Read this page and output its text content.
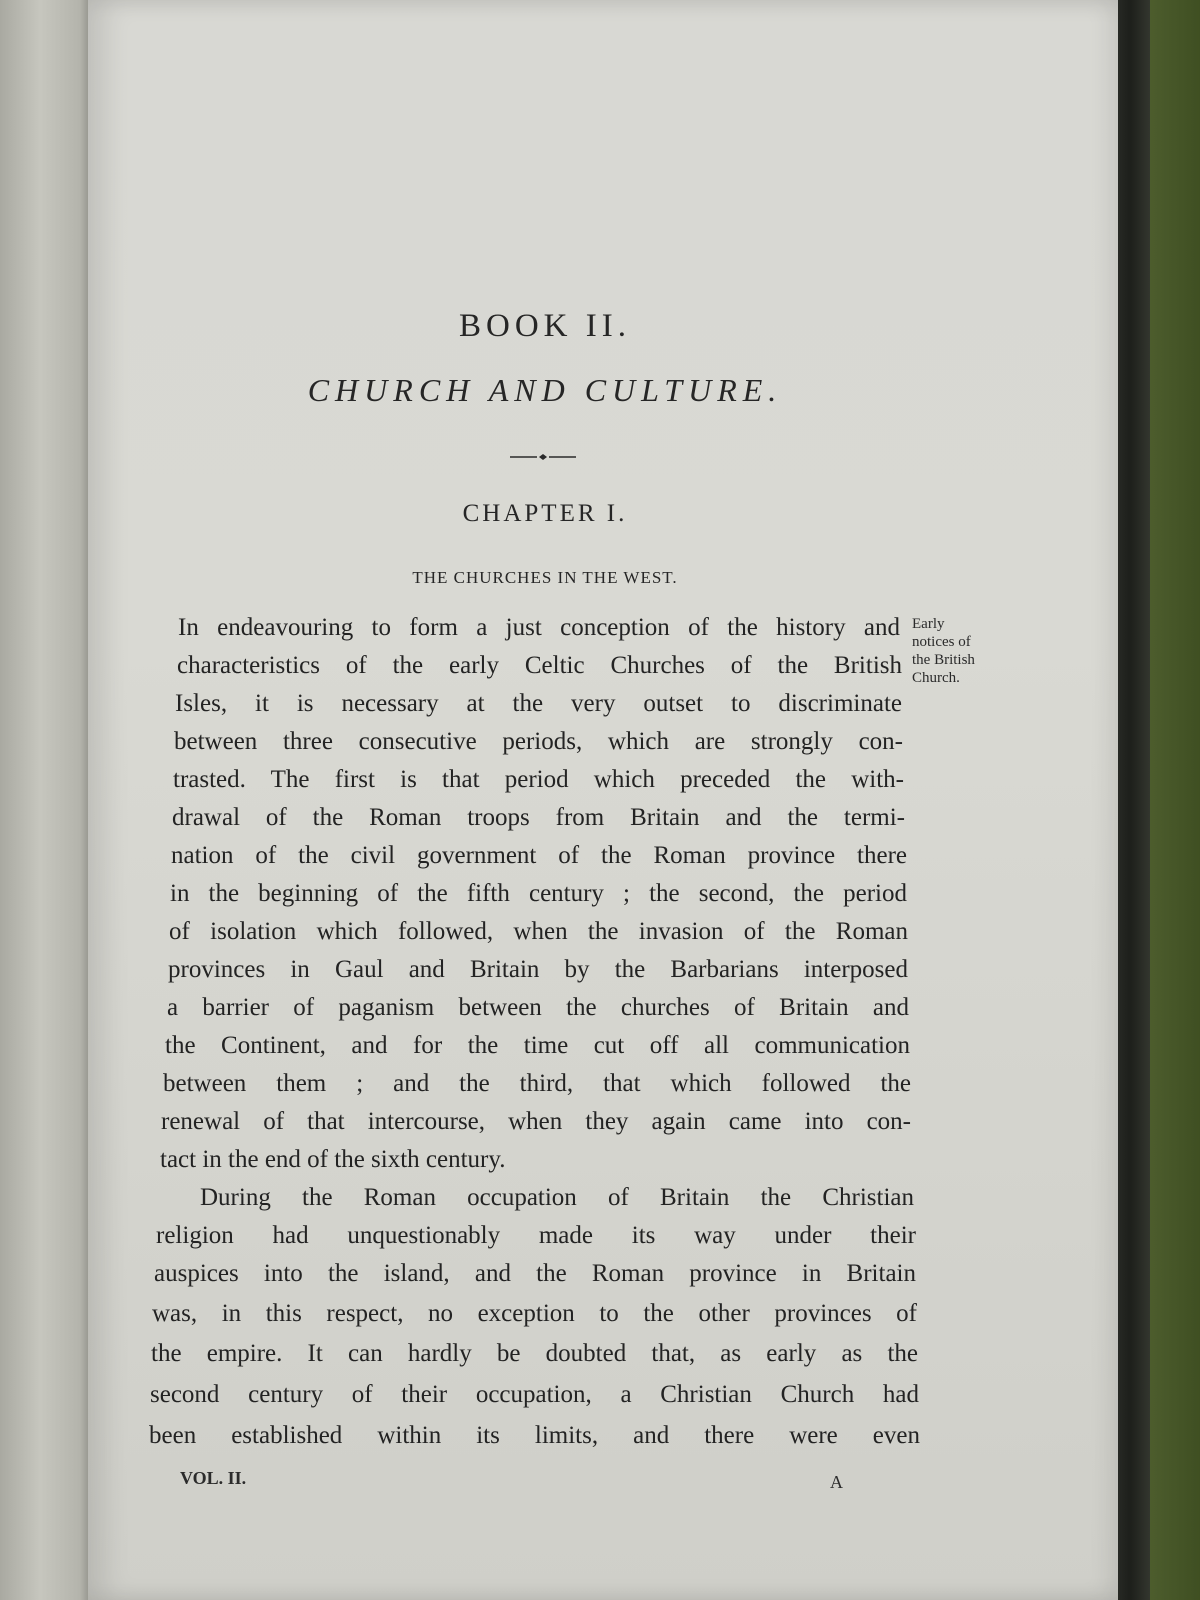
BOOK II.
CHURCH AND CULTURE.
CHAPTER I.
THE CHURCHES IN THE WEST.
In endeavouring to form a just conception of the history and
characteristics of the early Celtic Churches of the British
Isles, it is necessary at the very outset to discriminate
between three consecutive periods, which are strongly con-
trasted. The first is that period which preceded the with-
drawal of the Roman troops from Britain and the termi-
nation of the civil government of the Roman province there
in the beginning of the fifth century ; the second, the period
of isolation which followed, when the invasion of the Roman
provinces in Gaul and Britain by the Barbarians interposed
a barrier of paganism between the churches of Britain and
the Continent, and for the time cut off all communication
between them ; and the third, that which followed the
renewal of that intercourse, when they again came into con-
tact in the end of the sixth century.
Early
notices of
the British
Church.
During the Roman occupation of Britain the Christian
religion had unquestionably made its way under their
auspices into the island, and the Roman province in Britain
was, in this respect, no exception to the other provinces of
the empire. It can hardly be doubted that, as early as the
second century of their occupation, a Christian Church had
been established within its limits, and there were even
VOL. II.	A
